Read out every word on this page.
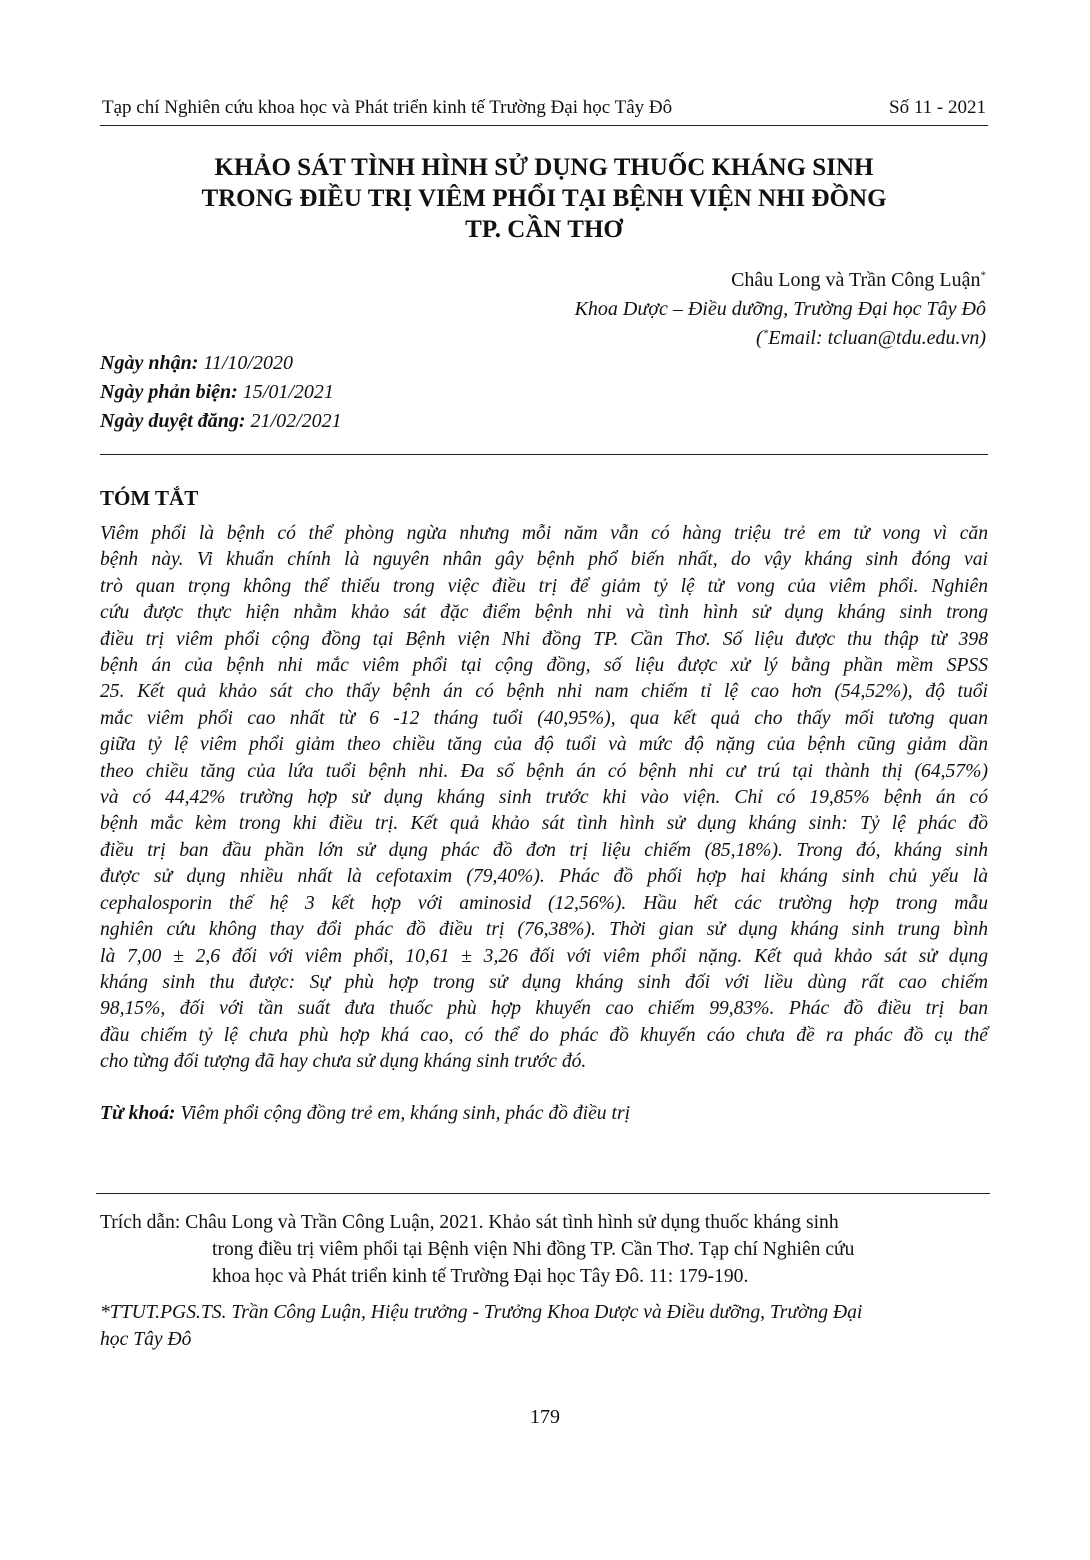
Tạp chí Nghiên cứu khoa học và Phát triển kinh tế Trường Đại học Tây Đô	Số 11 - 2021
KHẢO SÁT TÌNH HÌNH SỬ DỤNG THUỐC KHÁNG SINH
TRONG ĐIỀU TRỊ VIÊM PHỔI TẠI BỆNH VIỆN NHI ĐỒNG
TP. CẦN THƠ
Châu Long và Trần Công Luận*
Khoa Dược – Điều dưỡng, Trường Đại học Tây Đô
(*Email: tcluan@tdu.edu.vn)
Ngày nhận: 11/10/2020
Ngày phản biện: 15/01/2021
Ngày duyệt đăng: 21/02/2021
TÓM TẮT
Viêm phổi là bệnh có thể phòng ngừa nhưng mỗi năm vẫn có hàng triệu trẻ em tử vong vì căn
bệnh này. Vi khuẩn chính là nguyên nhân gây bệnh phổ biến nhất, do vậy kháng sinh đóng vai
trò quan trọng không thể thiếu trong việc điều trị để giảm tỷ lệ tử vong của viêm phổi. Nghiên
cứu được thực hiện nhằm khảo sát đặc điểm bệnh nhi và tình hình sử dụng kháng sinh trong
điều trị viêm phổi cộng đồng tại Bệnh viện Nhi đồng TP. Cần Thơ. Số liệu được thu thập từ 398
bệnh án của bệnh nhi mắc viêm phổi tại cộng đồng, số liệu được xử lý bằng phần mềm SPSS
25. Kết quả khảo sát cho thấy bệnh án có bệnh nhi nam chiếm tỉ lệ cao hơn (54,52%), độ tuổi
mắc viêm phổi cao nhất từ 6 -12 tháng tuổi (40,95%), qua kết quả cho thấy mối tương quan
giữa tỷ lệ viêm phổi giảm theo chiều tăng của độ tuổi và mức độ nặng của bệnh cũng giảm dần
theo chiều tăng của lứa tuổi bệnh nhi. Đa số bệnh án có bệnh nhi cư trú tại thành thị (64,57%)
và có 44,42% trường hợp sử dụng kháng sinh trước khi vào viện. Chỉ có 19,85% bệnh án có
bệnh mắc kèm trong khi điều trị. Kết quả khảo sát tình hình sử dụng kháng sinh: Tỷ lệ phác đồ
điều trị ban đầu phần lớn sử dụng phác đồ đơn trị liệu chiếm (85,18%). Trong đó, kháng sinh
được sử dụng nhiều nhất là cefotaxim (79,40%). Phác đồ phối hợp hai kháng sinh chủ yếu là
cephalosporin thế hệ 3 kết hợp với aminosid (12,56%). Hầu hết các trường hợp trong mẫu
nghiên cứu không thay đổi phác đồ điều trị (76,38%). Thời gian sử dụng kháng sinh trung bình
là 7,00 ± 2,6 đối với viêm phổi, 10,61 ± 3,26 đối với viêm phổi nặng. Kết quả khảo sát sử dụng
kháng sinh thu được: Sự phù hợp trong sử dụng kháng sinh đối với liều dùng rất cao chiếm
98,15%, đối với tần suất đưa thuốc phù hợp khuyến cao chiếm 99,83%. Phác đồ điều trị ban
đầu chiếm tỷ lệ chưa phù hợp khá cao, có thể do phác đồ khuyến cáo chưa đề ra phác đồ cụ thể
cho từng đối tượng đã hay chưa sử dụng kháng sinh trước đó.
Từ khoá: Viêm phổi cộng đồng trẻ em, kháng sinh, phác đồ điều trị
Trích dẫn: Châu Long và Trần Công Luận, 2021. Khảo sát tình hình sử dụng thuốc kháng sinh
trong điều trị viêm phổi tại Bệnh viện Nhi đồng TP. Cần Thơ. Tạp chí Nghiên cứu
khoa học và Phát triển kinh tế Trường Đại học Tây Đô. 11: 179-190.
*TTUT.PGS.TS. Trần Công Luận, Hiệu trưởng - Trưởng Khoa Dược và Điều dưỡng, Trường Đại
học Tây Đô
179
